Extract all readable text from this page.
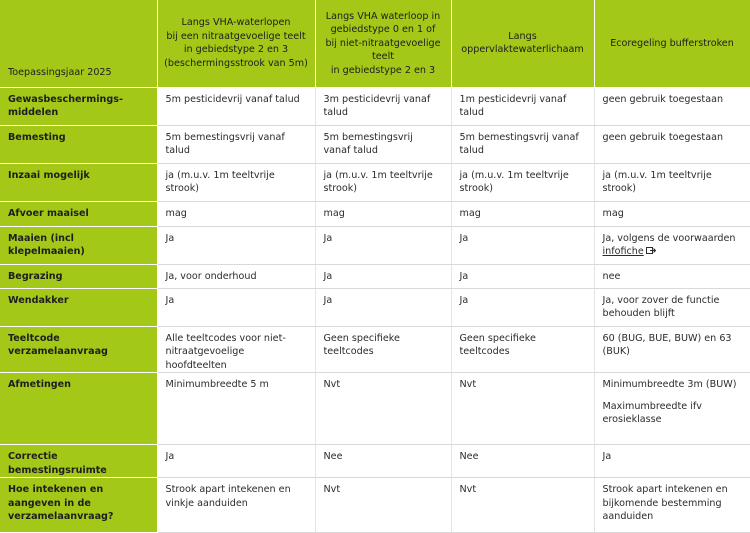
Toepassingsjaar 2025	Langs VHA-waterlopen
bij een nitraatgevoelige teelt
in gebiedstype 2 en 3
(beschermingsstrook van 5m)	Langs VHA waterloop in
gebiedstype 0 en 1 of
bij niet-nitraatgevoelige
teelt
in gebiedstype 2 en 3	Langs
oppervlaktewaterlichaam	Ecoregeling bufferstroken
Gewasbeschermings-middelen	5m pesticidevrij vanaf talud	3m pesticidevrij vanaf talud	1m pesticidevrij vanaf talud	geen gebruik toegestaan
Bemesting	5m bemestingsvrij vanaf talud	5m bemestingsvrij vanaf talud	5m bemestingsvrij vanaf talud	geen gebruik toegestaan
Inzaai mogelijk	ja (m.u.v. 1m teeltvrije strook)	ja (m.u.v. 1m teeltvrije strook)	ja (m.u.v. 1m teeltvrije strook)	ja (m.u.v. 1m teeltvrije strook)
Afvoer maaisel	mag	mag	mag	mag
Maaien (incl klepelmaaien)	Ja	Ja	Ja	Ja, volgens de voorwaarden
infofiche
Begrazing	Ja, voor onderhoud	Ja	Ja	nee
Wendakker	Ja	Ja	Ja	Ja, voor zover de functie behouden blijft
Teeltcode verzamelaanvraag	Alle teeltcodes voor niet-nitraatgevoelige hoofdteelten	Geen specifieke teeltcodes	Geen specifieke teeltcodes	60 (BUG, BUE, BUW) en 63 (BUK)
Afmetingen	Minimumbreedte 5 m	Nvt	Nvt	Minimumbreedte 3m (BUW)
Maximumbreedte ifv erosieklasse

Correctie bemestingsruimte	Ja	Nee	Nee	Ja
Hoe intekenen en aangeven in de verzamelaanvraag?	Strook apart intekenen en vinkje aanduiden	Nvt	Nvt	Strook apart intekenen en bijkomende bestemming aanduiden
